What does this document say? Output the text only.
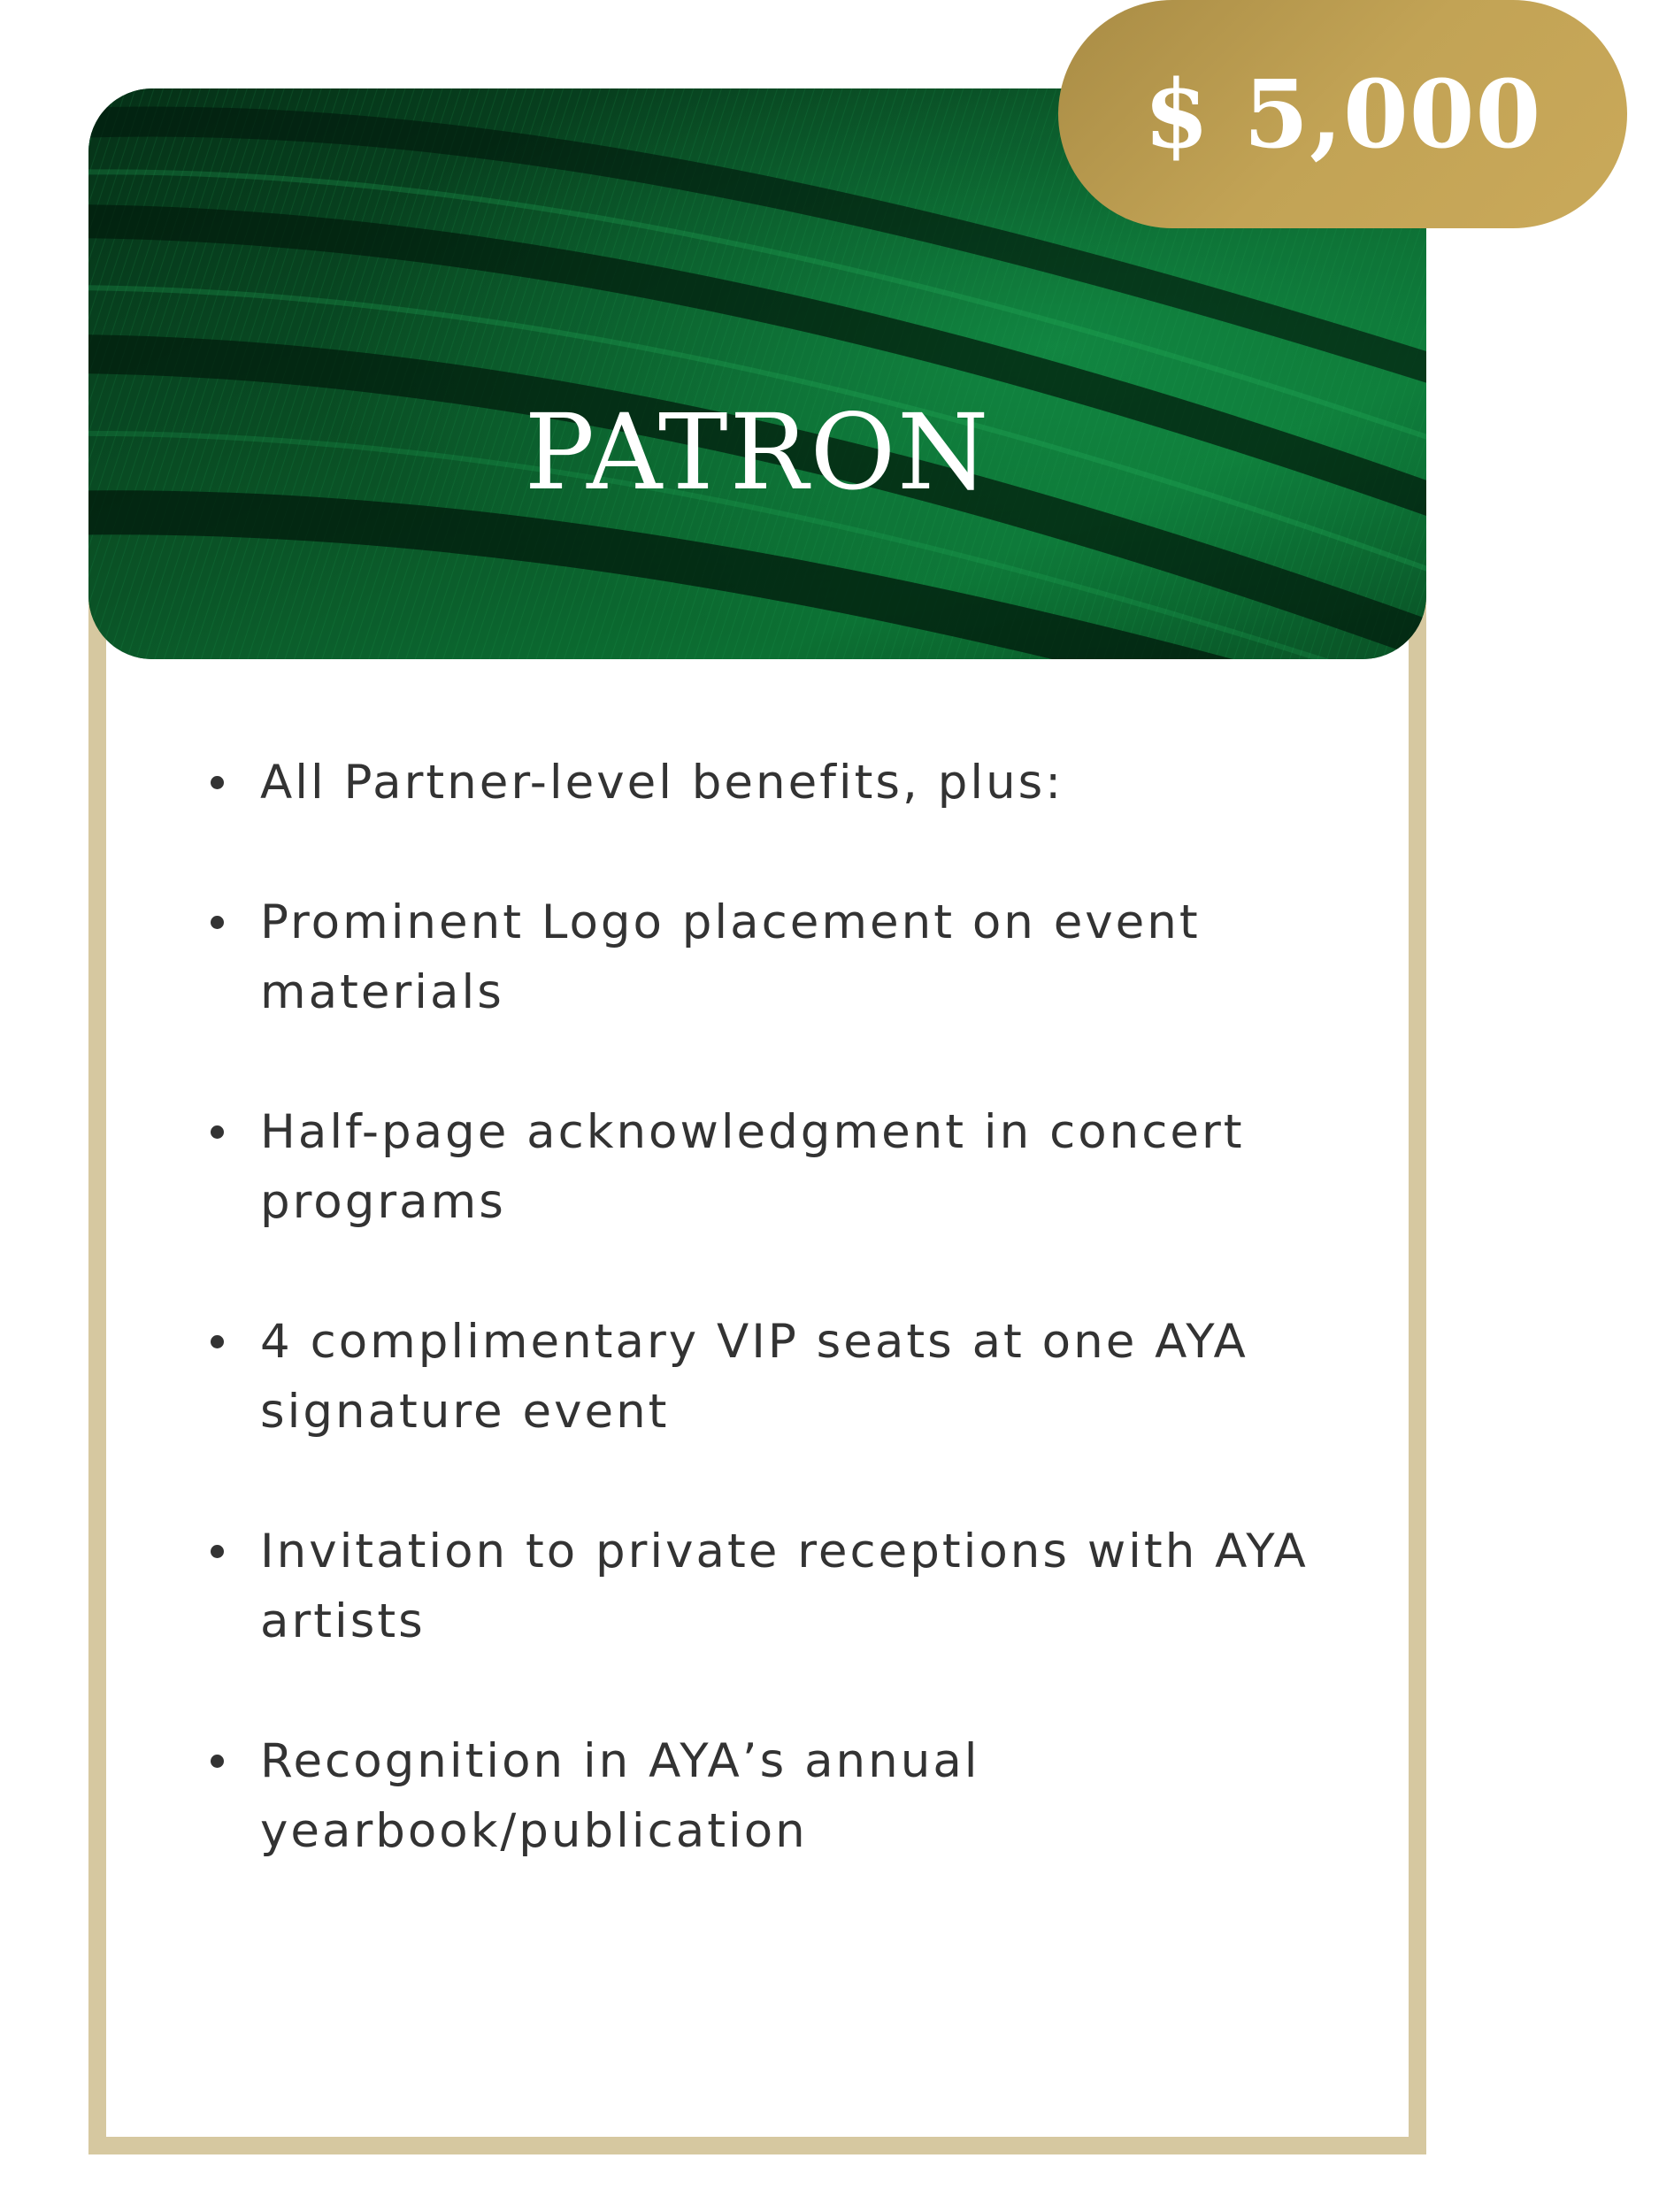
PATRON
$ 5,000
All Partner-level benefits, plus:
Prominent Logo placement on event materials
Half-page acknowledgment in concert programs
4 complimentary VIP seats at one AYA signature event
Invitation to private receptions with AYA artists
Recognition in AYA’s annual yearbook/publication
